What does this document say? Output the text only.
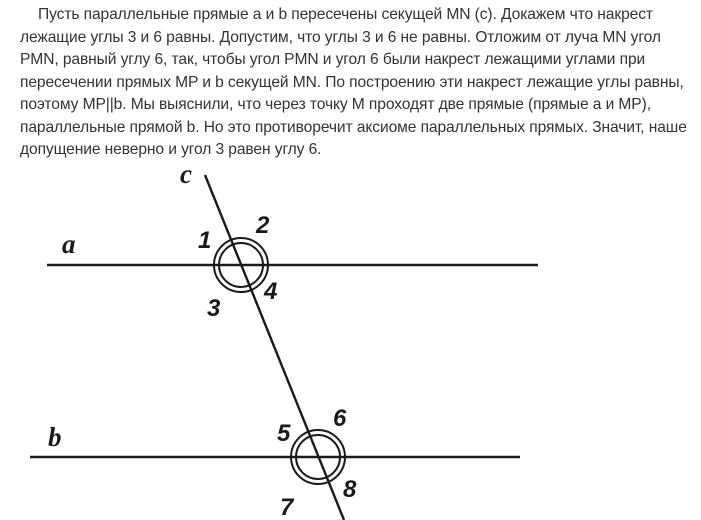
Пусть параллельные прямые a и b пересечены секущей MN (с). Докажем что накрест лежащие углы 3 и 6 равны. Допустим, что углы 3 и 6 не равны. Отложим от луча MN угол PMN, равный углу 6, так, чтобы угол PMN и угол 6 были накрест лежащими углами при пересечении прямых MP и b секущей MN. По построению эти накрест лежащие углы равны, поэтому MP||b. Мы выяснили, что через точку М проходят две прямые (прямые a и MP), параллельные прямой b. Но это противоречит аксиоме параллельных прямых. Значит, наше допущение неверно и угол 3 равен углу 6.

c
a
b
1
2
3
4
5
6
7
8
